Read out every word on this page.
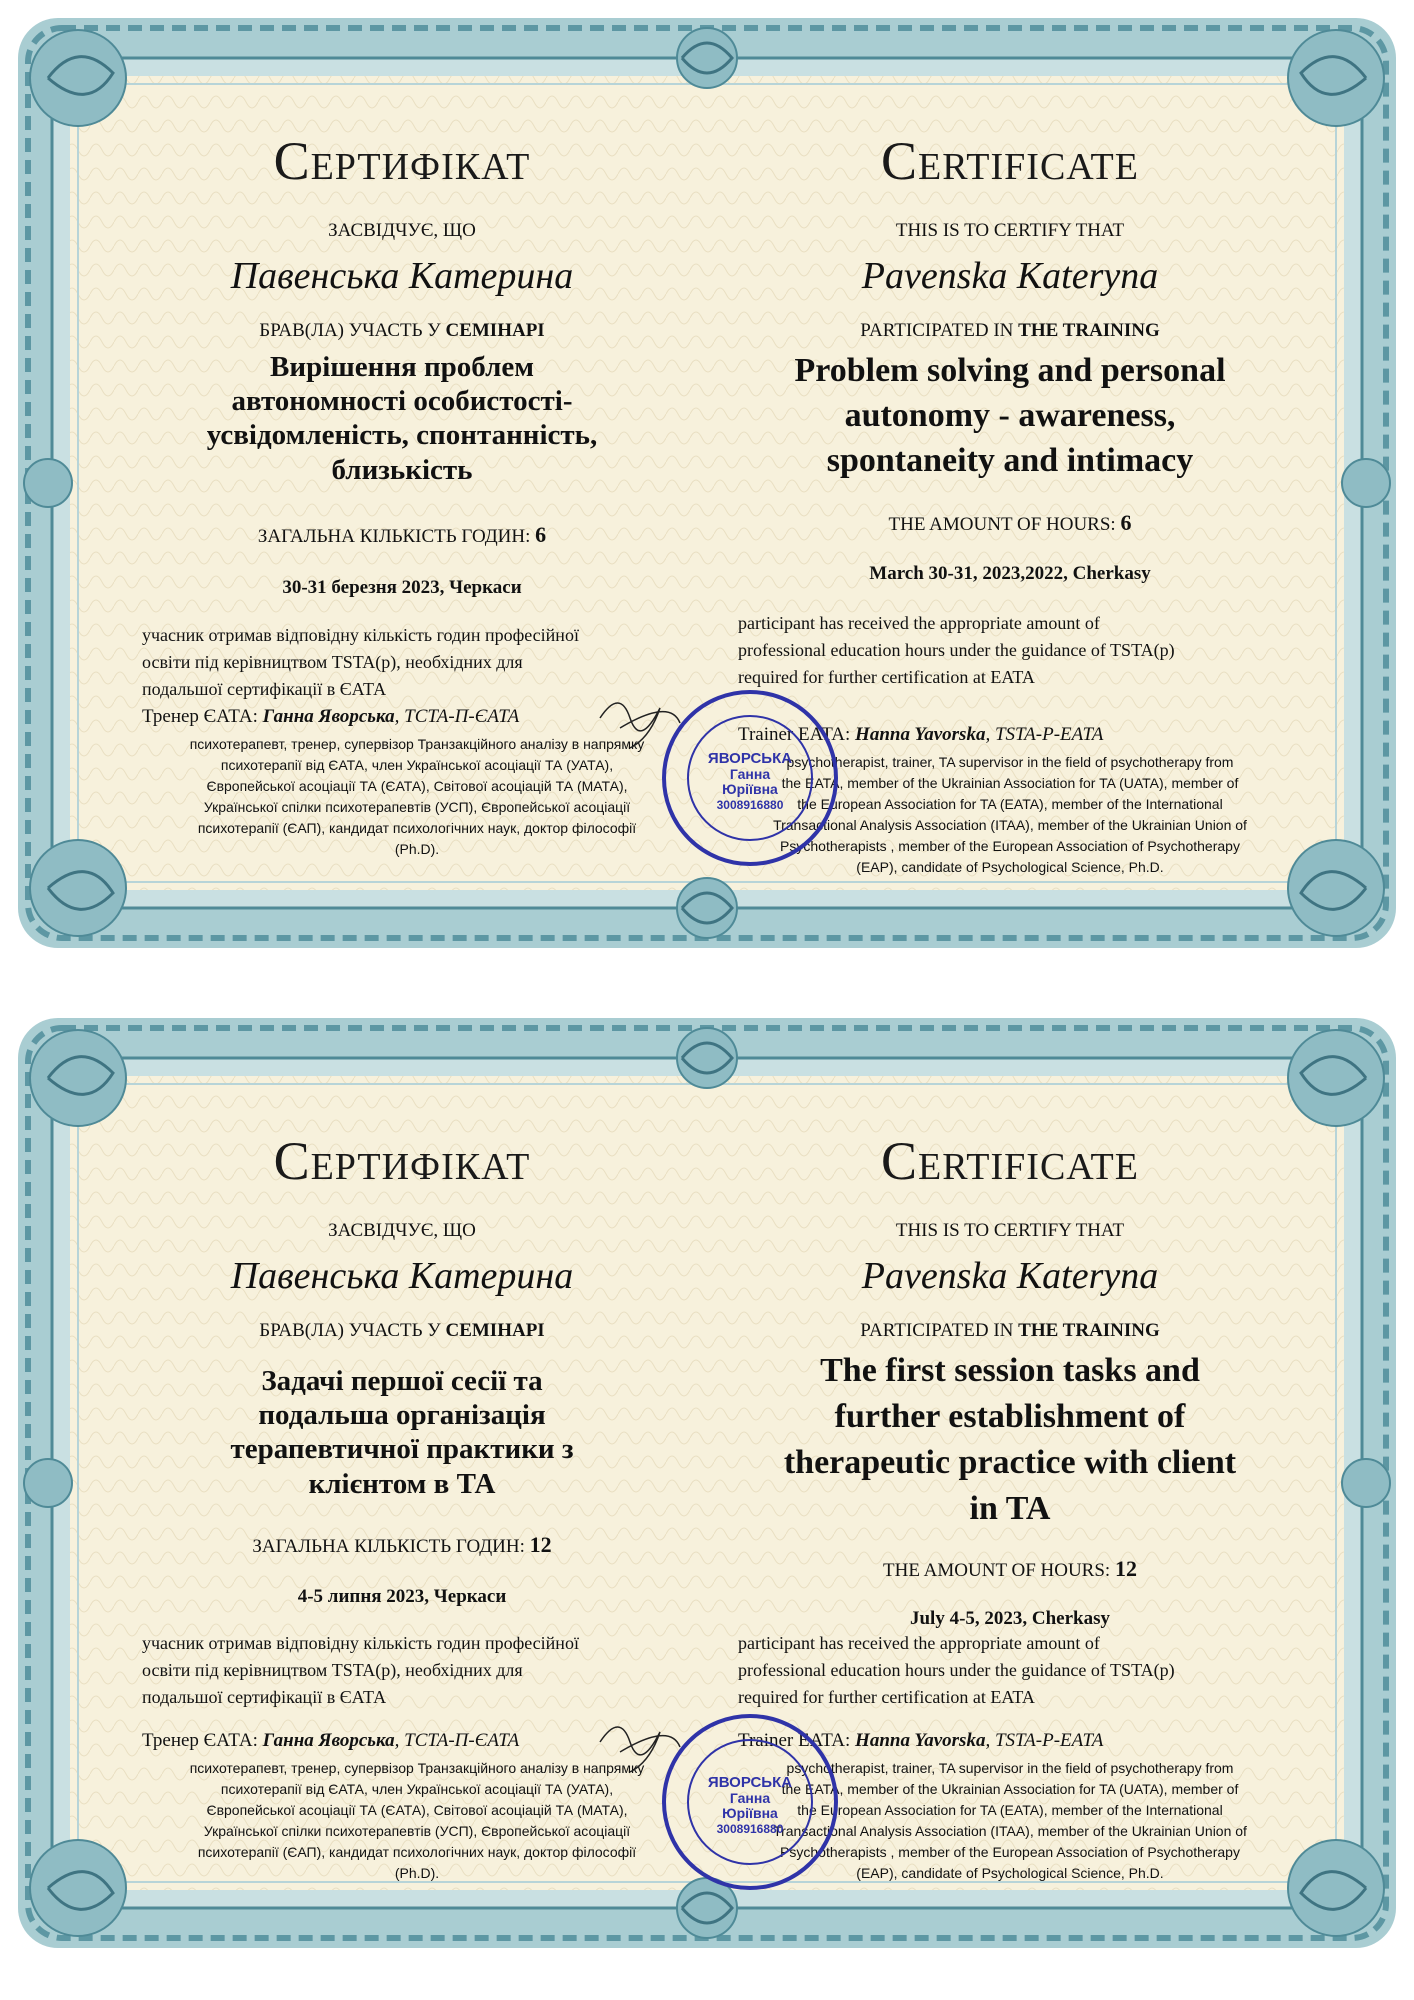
Сертифікат
ЗАСВІДЧУЄ, ЩО
Павенська Катерина
БРАВ(ЛА) УЧАСТЬ У СЕМІНАРІ
Вирішення проблем
автономності особистості-
усвідомленість, спонтанність,
близькість
ЗАГАЛЬНА КІЛЬКІСТЬ ГОДИН: 6
30-31 березня 2023, Черкаси
учасник отримав відповідну кількість годин професійної
освіти під керівництвом TSTA(p), необхідних для
подальшої сертифікації в ЄАТА
Тренер ЄАТА: Ганна Яворська, ТСТА-П-ЄАТА
психотерапевт, тренер, супервізор Транзакційного аналізу в напрямку
психотерапії від ЄАТА, член Української асоціації ТА (УАТА),
Європейської асоціації ТА (ЄАТА), Світової асоціацій ТА (МАТА),
Української спілки психотерапевтів (УСП), Європейської асоціації
психотерапії (ЄАП), кандидат психологічних наук, доктор філософії
(Ph.D).
Certificate
THIS IS TO CERTIFY THAT
Pavenska Kateryna
PARTICIPATED IN THE TRAINING
Problem solving and personal
autonomy - awareness,
spontaneity and intimacy
THE AMOUNT OF HOURS: 6
March 30-31, 2023,2022, Cherkasy
participant has received the appropriate amount of
professional education hours under the guidance of TSTA(p)
required for further certification at EATA
Trainer EATA: Hanna Yavorska, TSTA-P-EATA
psychotherapist, trainer, TA supervisor in the field of psychotherapy from
the EATA, member of the Ukrainian Association for TA (UATA), member of
the European Association for TA (EATA), member of the International
Transactional Analysis Association (ITAA), member of the Ukrainian Union of
Psychotherapists , member of the European Association of Psychotherapy
(EAP), candidate of Psychological Science, Ph.D.
ЯВОРСЬКА
Ганна
Юріївна
3008916880
Сертифікат
ЗАСВІДЧУЄ, ЩО
Павенська Катерина
БРАВ(ЛА) УЧАСТЬ У СЕМІНАРІ
Задачі першої сесії та
подальша організація
терапевтичної практики з
клієнтом в ТА
ЗАГАЛЬНА КІЛЬКІСТЬ ГОДИН: 12
4-5 липня 2023, Черкаси
учасник отримав відповідну кількість годин професійної
освіти під керівництвом TSTA(p), необхідних для
подальшої сертифікації в ЄАТА
Тренер ЄАТА: Ганна Яворська, ТСТА-П-ЄАТА
психотерапевт, тренер, супервізор Транзакційного аналізу в напрямку
психотерапії від ЄАТА, член Української асоціації ТА (УАТА),
Європейської асоціації ТА (ЄАТА), Світової асоціацій ТА (МАТА),
Української спілки психотерапевтів (УСП), Європейської асоціації
психотерапії (ЄАП), кандидат психологічних наук, доктор філософії
(Ph.D).
Certificate
THIS IS TO CERTIFY THAT
Pavenska Kateryna
PARTICIPATED IN THE TRAINING
The first session tasks and
further establishment of
therapeutic practice with client
in TA
THE AMOUNT OF HOURS: 12
July 4-5, 2023, Cherkasy
participant has received the appropriate amount of
professional education hours under the guidance of TSTA(p)
required for further certification at EATA
Trainer EATA: Hanna Yavorska, TSTA-P-EATA
psychotherapist, trainer, TA supervisor in the field of psychotherapy from
the EATA, member of the Ukrainian Association for TA (UATA), member of
the European Association for TA (EATA), member of the International
Transactional Analysis Association (ITAA), member of the Ukrainian Union of
Psychotherapists , member of the European Association of Psychotherapy
(EAP), candidate of Psychological Science, Ph.D.
ЯВОРСЬКА
Ганна
Юріївна
3008916880
